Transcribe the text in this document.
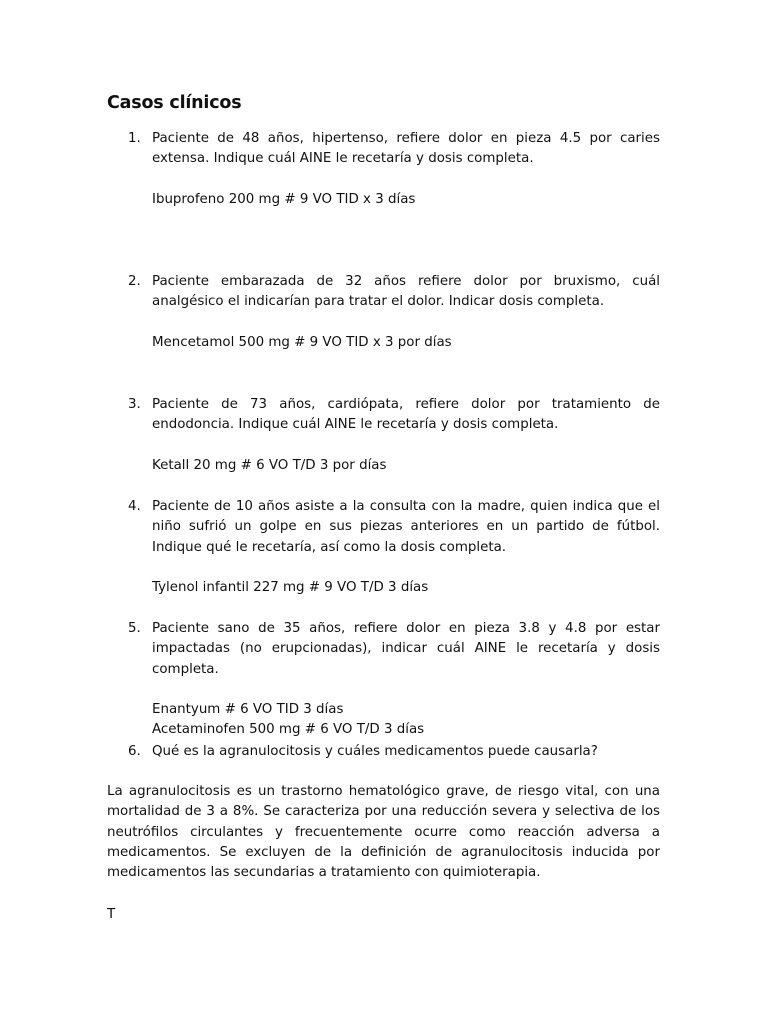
Casos clínicos
1. Paciente de 48 años, hipertenso, refiere dolor en pieza 4.5 por caries extensa. Indique cuál AINE le recetaría y dosis completa.
Ibuprofeno 200 mg # 9 VO TID x 3 días
2. Paciente embarazada de 32 años refiere dolor por bruxismo, cuál analgésico el indicarían para tratar el dolor. Indicar dosis completa.
Mencetamol 500 mg # 9 VO TID x 3 por días
3. Paciente de 73 años, cardiópata, refiere dolor por tratamiento de endodoncia. Indique cuál AINE le recetaría y dosis completa.
Ketall 20 mg # 6 VO T/D 3 por días
4. Paciente de 10 años asiste a la consulta con la madre, quien indica que el niño sufrió un golpe en sus piezas anteriores en un partido de fútbol. Indique qué le recetaría, así como la dosis completa.
Tylenol infantil 227 mg # 9 VO T/D 3 días
5. Paciente sano de 35 años, refiere dolor en pieza 3.8 y 4.8 por estar impactadas (no erupcionadas), indicar cuál AINE le recetaría y dosis completa.
Enantyum # 6 VO TID 3 días
Acetaminofen 500 mg # 6 VO T/D 3 días
6. Qué es la agranulocitosis y cuáles medicamentos puede causarla?
La agranulocitosis es un trastorno hematológico grave, de riesgo vital, con una mortalidad de 3 a 8%. Se caracteriza por una reducción severa y selectiva de los neutrófilos circulantes y frecuentemente ocurre como reacción adversa a medicamentos. Se excluyen de la definición de agranulocitosis inducida por medicamentos las secundarias a tratamiento con quimioterapia.
T
